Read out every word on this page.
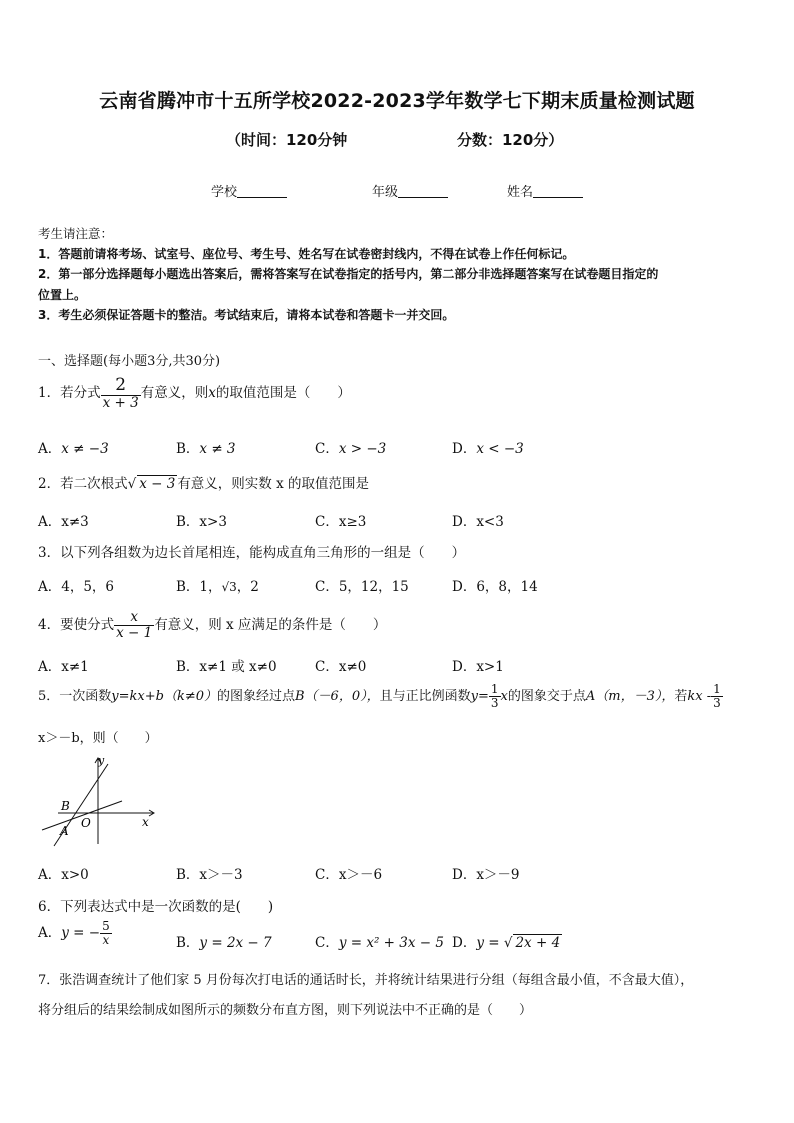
云南省腾冲市十五所学校2022-2023学年数学七下期末质量检测试题
（时间：120分钟	分数：120分）
学校	年级	姓名
考生请注意：
1．答题前请将考场、试室号、座位号、考生号、姓名写在试卷密封线内，不得在试卷上作任何标记。
2．第一部分选择题每小题选出答案后，需将答案写在试卷指定的括号内，第二部分非选择题答案写在试卷题目指定的
位置上。
3．考生必须保证答题卡的整洁。考试结束后，请将本试卷和答题卡一并交回。
一、选择题(每小题3分,共30分)
1．若分式 $\frac{2}{x + 3}$ 有意义，则x的取值范围是（　　）
A．x ≠ −3	B．x ≠ 3	C．x > −3	D．x < −3
2．若二次根式√ x − 3 有意义，则实数 x 的取值范围是
A．x≠3	B．x>3	C．x≥3	D．x<3
3．以下列各组数为边长首尾相连，能构成直角三角形的一组是（　　）
A．4，5，6	B．1，√3，2	C．5，12，15	D．6，8，14
4．要使分式 $\frac{x}{x - 1}$ 有意义，则 x 应满足的条件是（　　）
A．x≠1	B．x≠1 或 x≠0	C．x≠0	D．x>1
5．一次函数y=kx+b（k≠0）的图象经过点B（－6，0），且与正比例函数$y= \frac{1}{3}$ x的图象交于点A（m，－3），若kx - $\frac{1}{3}$
x＞－b，则（　　）
y
x
O
B
A
A．x>0	B．x＞－3	C．x＞－6	D．x＞－9
6．下列表达式中是一次函数的是(　　)
A．y = − $\frac{5}{x}$	B．y = 2x − 7	C．y = x² + 3x − 5 D．y = √ 2x + 4
7．张浩调查统计了他们家 5 月份每次打电话的通话时长，并将统计结果进行分组（每组含最小值，不含最大值），
将分组后的结果绘制成如图所示的频数分布直方图，则下列说法中不正确的是（　　）
